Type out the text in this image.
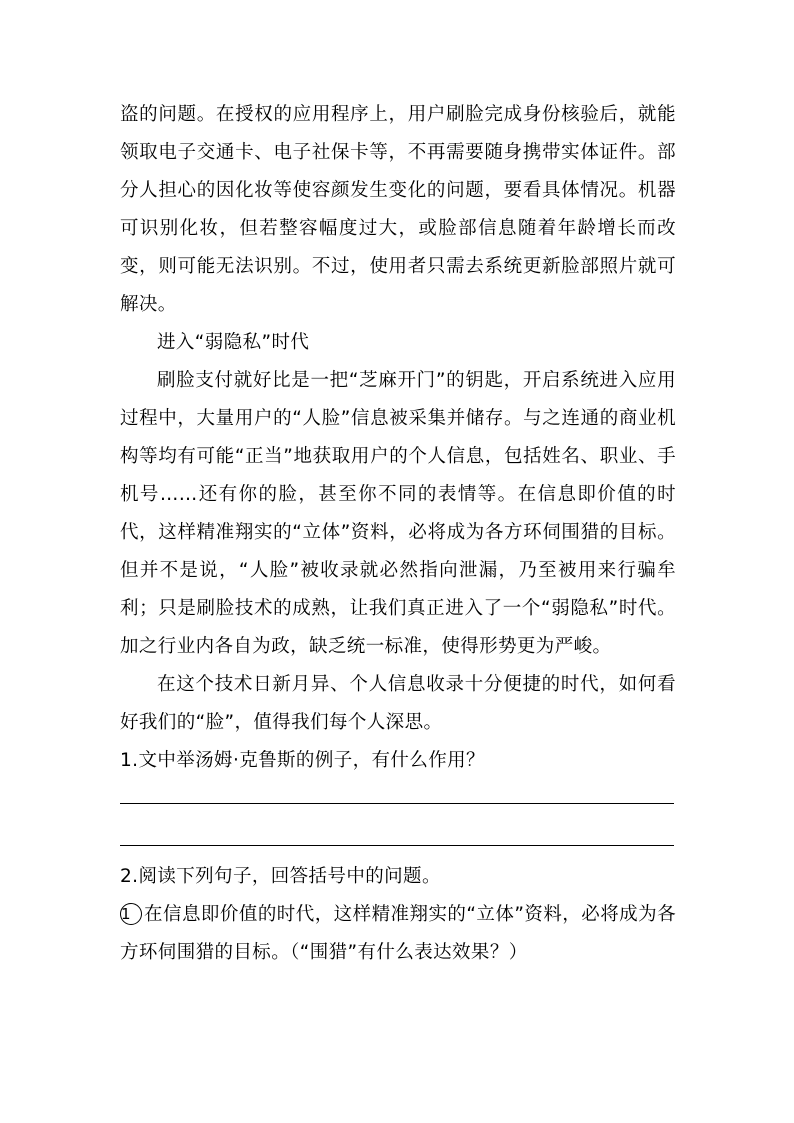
盗的问题。在授权的应用程序上，用户刷脸完成身份核验后，就能领取电子交通卡、电子社保卡等，不再需要随身携带实体证件。部分人担心的因化妆等使容颜发生变化的问题，要看具体情况。机器可识别化妆，但若整容幅度过大，或脸部信息随着年龄增长而改变，则可能无法识别。不过，使用者只需去系统更新脸部照片就可解决。

进入“弱隐私”时代

刷脸支付就好比是一把“芝麻开门”的钥匙，开启系统进入应用过程中，大量用户的“人脸”信息被采集并储存。与之连通的商业机构等均有可能“正当”地获取用户的个人信息，包括姓名、职业、手机号……还有你的脸，甚至你不同的表情等。在信息即价值的时代，这样精准翔实的“立体”资料，必将成为各方环伺围猎的目标。但并不是说，“人脸”被收录就必然指向泄漏，乃至被用来行骗牟利；只是刷脸技术的成熟，让我们真正进入了一个“弱隐私”时代。加之行业内各自为政，缺乏统一标准，使得形势更为严峻。

在这个技术日新月异、个人信息收录十分便捷的时代，如何看好我们的“脸”，值得我们每个人深思。

1.文中举汤姆·克鲁斯的例子，有什么作用？

2.阅读下列句子，回答括号中的问题。

1 在信息即价值的时代，这样精准翔实的“立体”资料，必将成为各方环伺围猎的目标。（“围猎”有什么表达效果？）
